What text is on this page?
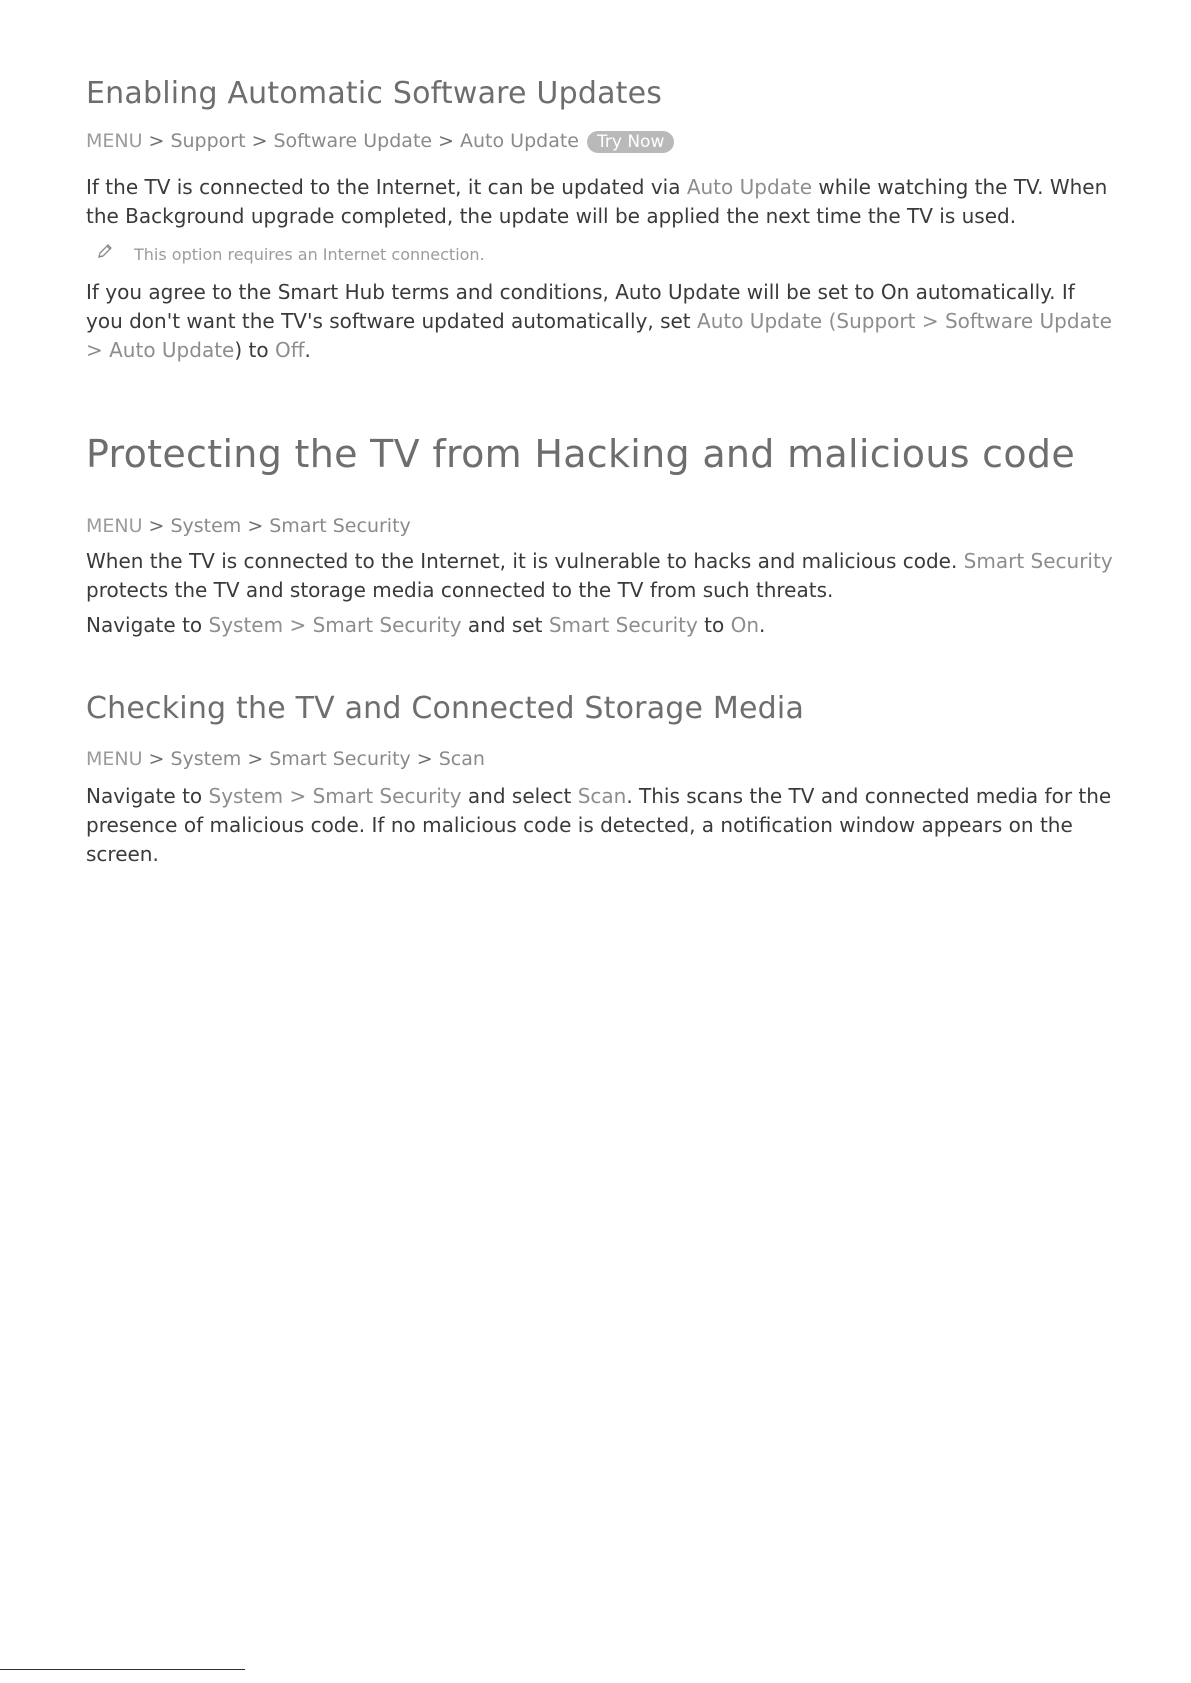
Enabling Automatic Software Updates
MENU > Support > Software Update > Auto Update Try Now

If the TV is connected to the Internet, it can be updated via Auto Update while watching the TV. When the Background upgrade completed, the update will be applied the next time the TV is used.

This option requires an Internet connection.

If you agree to the Smart Hub terms and conditions, Auto Update will be set to On automatically. If you don't want the TV's software updated automatically, set Auto Update (Support > Software Update > Auto Update) to Off.

Protecting the TV from Hacking and malicious code
MENU > System > Smart Security

When the TV is connected to the Internet, it is vulnerable to hacks and malicious code. Smart Security protects the TV and storage media connected to the TV from such threats.

Navigate to System > Smart Security and set Smart Security to On.

Checking the TV and Connected Storage Media
MENU > System > Smart Security > Scan

Navigate to System > Smart Security and select Scan. This scans the TV and connected media for the presence of malicious code. If no malicious code is detected, a notification window appears on the screen.
